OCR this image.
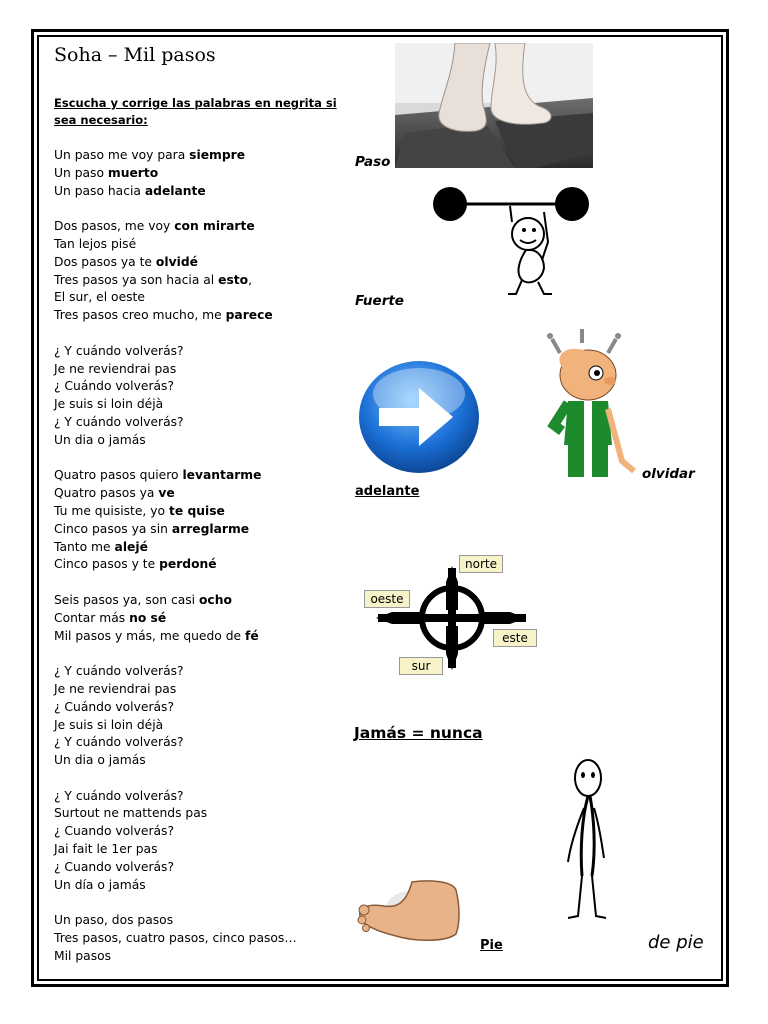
Soha – Mil pasos
Escucha y corrige las palabras en negrita si sea necesario:
Un paso me voy para siempre
Un paso muerto
Un paso hacia adelante
Dos pasos, me voy con mirarte
Tan lejos pisé
Dos pasos ya te olvidé
Tres pasos ya son hacia al esto,
El sur, el oeste
Tres pasos creo mucho, me parece
¿ Y cuándo volverás?
Je ne reviendrai pas
¿ Cuándo volverás?
Je suis si loin déjà
¿ Y cuándo volverás?
Un dia o jamás
Quatro pasos quiero levantarme
Quatro pasos ya ve
Tu me quisiste, yo te quise
Cinco pasos ya sin arreglarme
Tanto me alejé
Cinco pasos y te perdoné
Seis pasos ya, son casi ocho
Contar más no sé
Mil pasos y más, me quedo de fé
¿ Y cuándo volverás?
Je ne reviendrai pas
¿ Cuándo volverás?
Je suis si loin déjà
¿ Y cuándo volverás?
Un dia o jamás
¿ Y cuándo volverás?
Surtout ne mattends pas
¿ Cuando volverás?
Jai fait le 1er pas
¿ Cuando volverás?
Un día o jamás
Un paso, dos pasos
Tres pasos, cuatro pasos, cinco pasos…
Mil pasos
Paso
Fuerte
adelante
olvidar
norte
oeste
este
sur
Jamás = nunca
Pie	de pie
